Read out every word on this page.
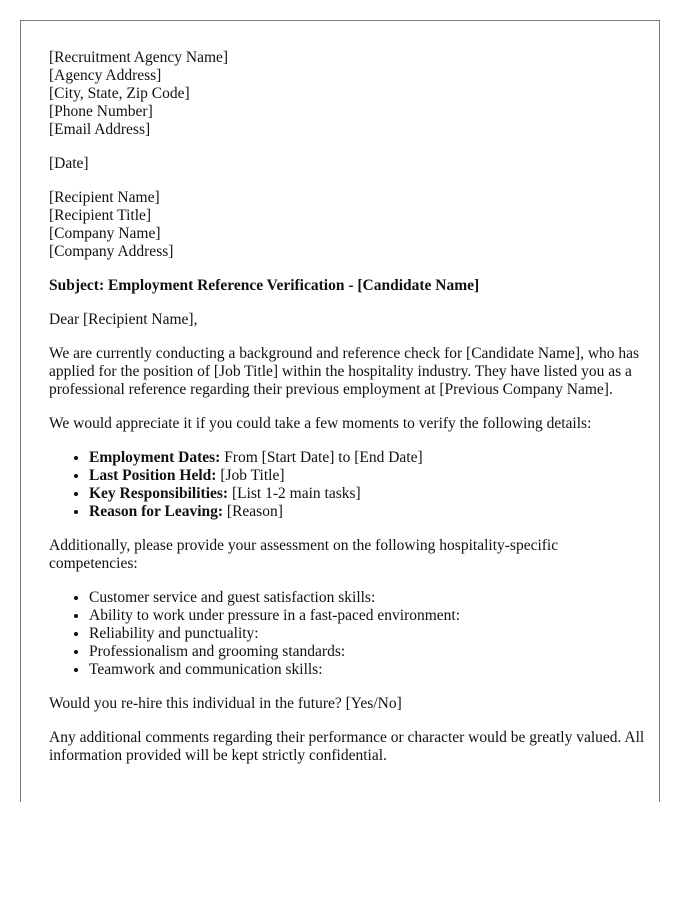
[Recruitment Agency Name]
[Agency Address]
[City, State, Zip Code]
[Phone Number]
[Email Address]
[Date]
[Recipient Name]
[Recipient Title]
[Company Name]
[Company Address]

Subject: Employment Reference Verification - [Candidate Name]

Dear [Recipient Name],

We are currently conducting a background and reference check for [Candidate Name], who has applied for the position of [Job Title] within the hospitality industry. They have listed you as a professional reference regarding their previous employment at [Previous Company Name].

We would appreciate it if you could take a few moments to verify the following details:

• Employment Dates: From [Start Date] to [End Date]
• Last Position Held: [Job Title]
• Key Responsibilities: [List 1-2 main tasks]
• Reason for Leaving: [Reason]

Additionally, please provide your assessment on the following hospitality-specific competencies:

• Customer service and guest satisfaction skills:
• Ability to work under pressure in a fast-paced environment:
• Reliability and punctuality:
• Professionalism and grooming standards:
• Teamwork and communication skills:

Would you re-hire this individual in the future? [Yes/No]

Any additional comments regarding their performance or character would be greatly valued. All information provided will be kept strictly confidential.
